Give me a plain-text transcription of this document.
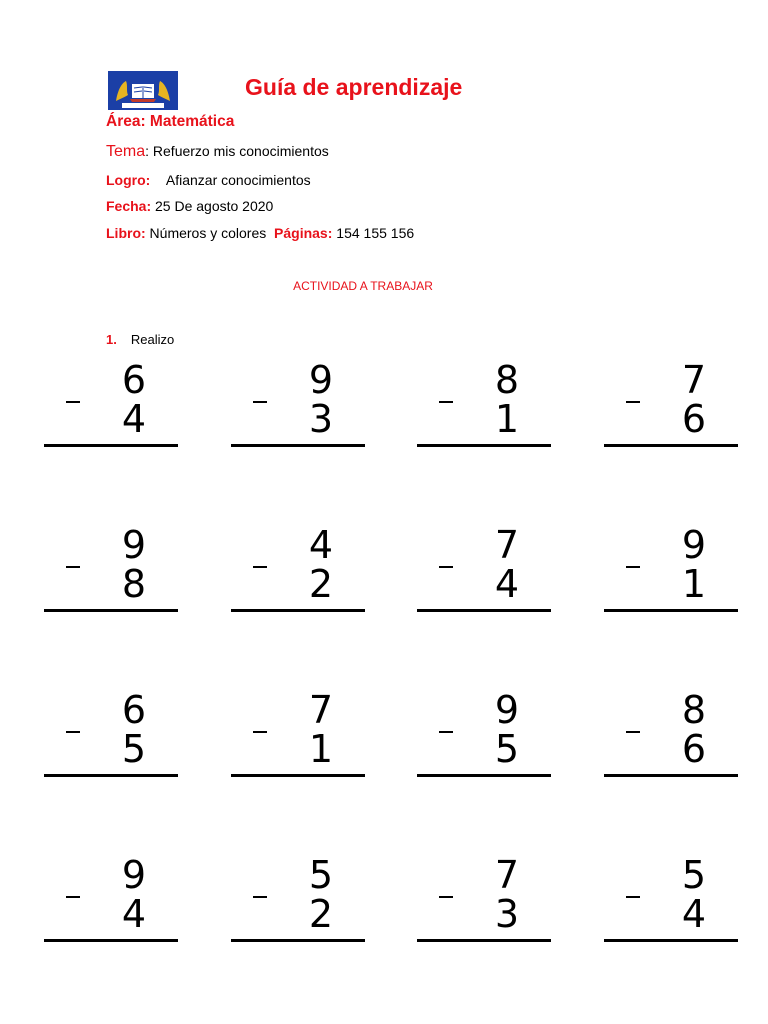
Guía de aprendizaje
Área: Matemática
Tema: Refuerzo mis conocimientos
Logro: Afianzar conocimientos
Fecha: 25 De agosto 2020
Libro: Números y colores  Páginas: 154 155 156
ACTIVIDAD A TRABAJAR
1. Realizo
6
4
9
3
8
1
7
6
9
8
4
2
7
4
9
1
6
5
7
1
9
5
8
6
9
4
5
2
7
3
5
4
